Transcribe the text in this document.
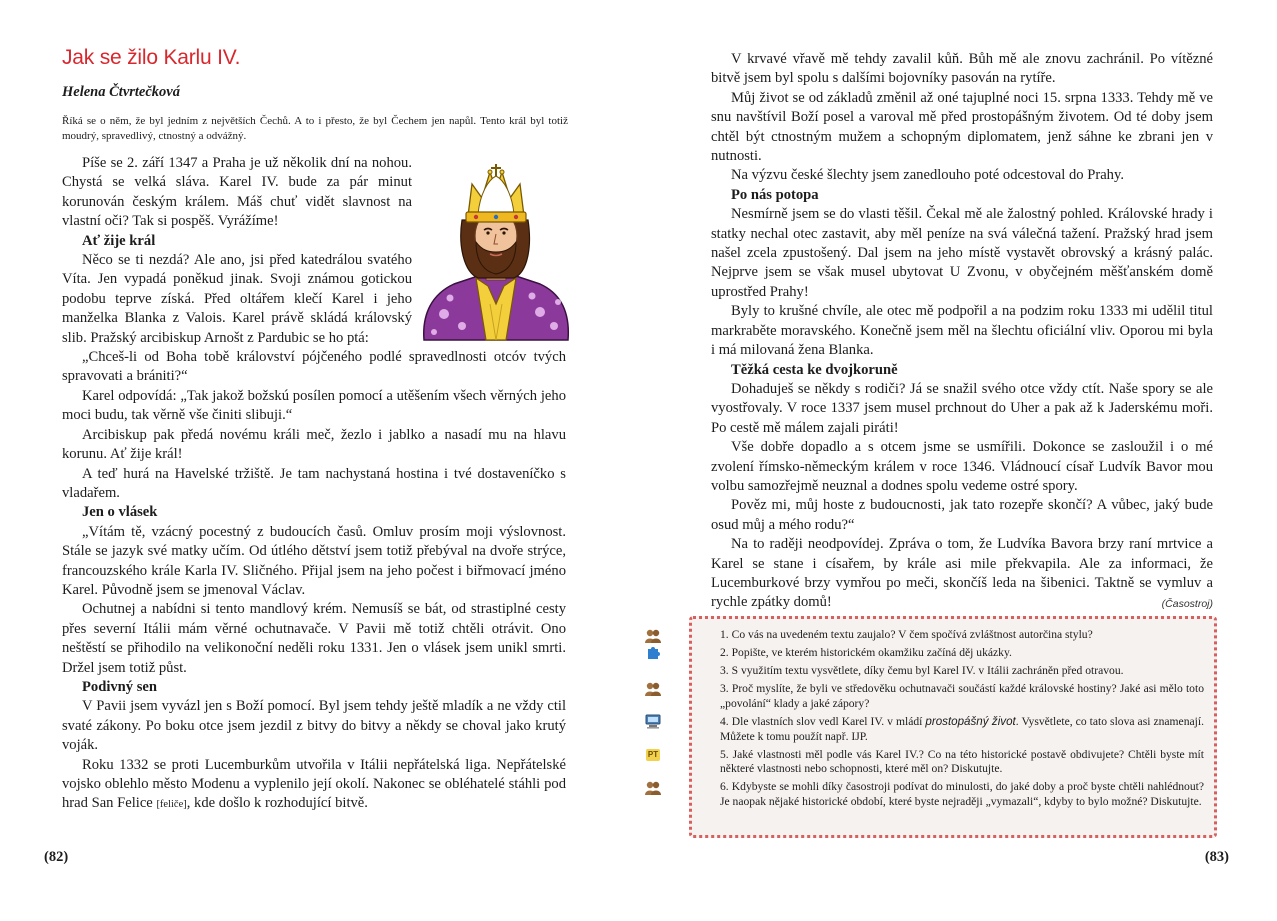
Jak se žilo Karlu IV.
Helena Čtvrtečková
Říká se o něm, že byl jedním z největších Čechů. A to i přesto, že byl Čechem jen napůl. Tento král byl totiž moudrý, spravedlivý, ctnostný a odvážný.

Píše se 2. září 1347 a Praha je už několik dní na nohou. Chystá se velká sláva. Karel IV. bude za pár minut korunován českým králem. Máš chuť vidět slavnost na vlastní oči? Tak si pospěš. Vyrážíme!

Ať žije král

Něco se ti nezdá? Ale ano, jsi před katedrálou svatého Víta. Jen vypadá poněkud jinak. Svoji známou gotickou podobu teprve získá. Před oltářem klečí Karel i jeho manželka Blanka z Valois. Karel právě skládá královský slib. Pražský arcibiskup Arnošt z Pardubic se ho ptá:

„Chceš-li od Boha tobě království pójčeného podlé spravedlnosti otcóv tvých spravovati a brániti?“

Karel odpovídá: „Tak jakož božskú posílen pomocí a utěšením všech věrných jeho moci budu, tak věrně vše činiti slibuji.“

Arcibiskup pak předá novému králi meč, žezlo i jablko a nasadí mu na hlavu korunu. Ať žije král!

A teď hurá na Havelské tržiště. Je tam nachystaná hostina i tvé dostaveníčko s vladařem.

Jen o vlásek

„Vítám tě, vzácný pocestný z budoucích časů. Omluv prosím moji výslovnost. Stále se jazyk své matky učím. Od útlého dětství jsem totiž přebýval na dvoře strýce, francouzského krále Karla IV. Sličného. Přijal jsem na jeho počest i biřmovací jméno Karel. Původně jsem se jmenoval Václav.

Ochutnej a nabídni si tento mandlový krém. Nemusíš se bát, od strastiplné cesty přes severní Itálii mám věrné ochutnavače. V Pavii mě totiž chtěli otrávit. Ono neštěstí se přihodilo na velikonoční neděli roku 1331. Jen o vlásek jsem unikl smrti. Držel jsem totiž půst.

Podivný sen

V Pavii jsem vyvázl jen s Boží pomocí. Byl jsem tehdy ještě mladík a ne vždy ctil svaté zákony. Po boku otce jsem jezdil z bitvy do bitvy a někdy se choval jako krutý voják.

Roku 1332 se proti Lucemburkům utvořila v Itálii nepřátelská liga. Nepřátelské vojsko oblehlo město Modenu a vyplenilo její okolí. Nakonec se obléhatelé stáhli pod hrad San Felice [feliče], kde došlo k rozhodující bitvě.

(82)

V krvavé vřavě mě tehdy zavalil kůň. Bůh mě ale znovu zachránil. Po vítězné bitvě jsem byl spolu s dalšími bojovníky pasován na rytíře.

Můj život se od základů změnil až oné tajuplné noci 15. srpna 1333. Tehdy mě ve snu navštívil Boží posel a varoval mě před prostopášným životem. Od té doby jsem chtěl být ctnostným mužem a schopným diplomatem, jenž sáhne ke zbrani jen v nutnosti.

Na výzvu české šlechty jsem zanedlouho poté odcestoval do Prahy.

Po nás potopa

Nesmírně jsem se do vlasti těšil. Čekal mě ale žalostný pohled. Královské hrady i statky nechal otec zastavit, aby měl peníze na svá válečná tažení. Pražský hrad jsem našel zcela zpustošený. Dal jsem na jeho místě vystavět obrovský a krásný palác. Nejprve jsem se však musel ubytovat U Zvonu, v obyčejném měšťanském domě uprostřed Prahy!

Byly to krušné chvíle, ale otec mě podpořil a na podzim roku 1333 mi udělil titul markraběte moravského. Konečně jsem měl na šlechtu oficiální vliv. Oporou mi byla i má milovaná žena Blanka.

Těžká cesta ke dvojkoruně

Dohaduješ se někdy s rodiči? Já se snažil svého otce vždy ctít. Naše spory se ale vyostřovaly. V roce 1337 jsem musel prchnout do Uher a pak až k Jaderskému moři. Po cestě mě málem zajali piráti!

Vše dobře dopadlo a s otcem jsme se usmířili. Dokonce se zasloužil i o mé zvolení římsko-německým králem v roce 1346. Vládnoucí císař Ludvík Bavor mou volbu samozřejmě neuznal a dodnes spolu vedeme ostré spory.

Pověz mi, můj hoste z budoucnosti, jak tato rozepře skončí? A vůbec, jaký bude osud můj a mého rodu?“

Na to raději neodpovídej. Zpráva o tom, že Ludvíka Bavora brzy raní mrtvice a Karel se stane i císařem, by krále asi mile překvapila. Ale za informaci, že Lucemburkové brzy vymřou po meči, skončíš leda na šibenici. Taktně se vymluv a rychle zpátky domů!	(Časostroj)
1. Co vás na uvedeném textu zaujalo? V čem spočívá zvláštnost autorčina stylu?
2. Popište, ve kterém historickém okamžiku začíná děj ukázky.
3. S využitím textu vysvětlete, díky čemu byl Karel IV. v Itálii zachráněn před otravou.
3. Proč myslíte, že byli ve středověku ochutnavači součástí každé královské hostiny? Jaké asi mělo toto „povolání“ klady a jaké zápory?
4. Dle vlastních slov vedl Karel IV. v mládí prostopášný život. Vysvětlete, co tato slova asi znamenají. Můžete k tomu použít např. IJP.
PT	5. Jaké vlastnosti měl podle vás Karel IV.? Co na této historické postavě obdivujete? Chtěli byste mít některé vlastnosti nebo schopnosti, které měl on? Diskutujte.
6. Kdybyste se mohli díky časostroji podívat do minulosti, do jaké doby a proč byste chtěli nahlédnout? Je naopak nějaké historické období, které byste nejraději „vymazali“, kdyby to bylo možné? Diskutujte.
(83)
